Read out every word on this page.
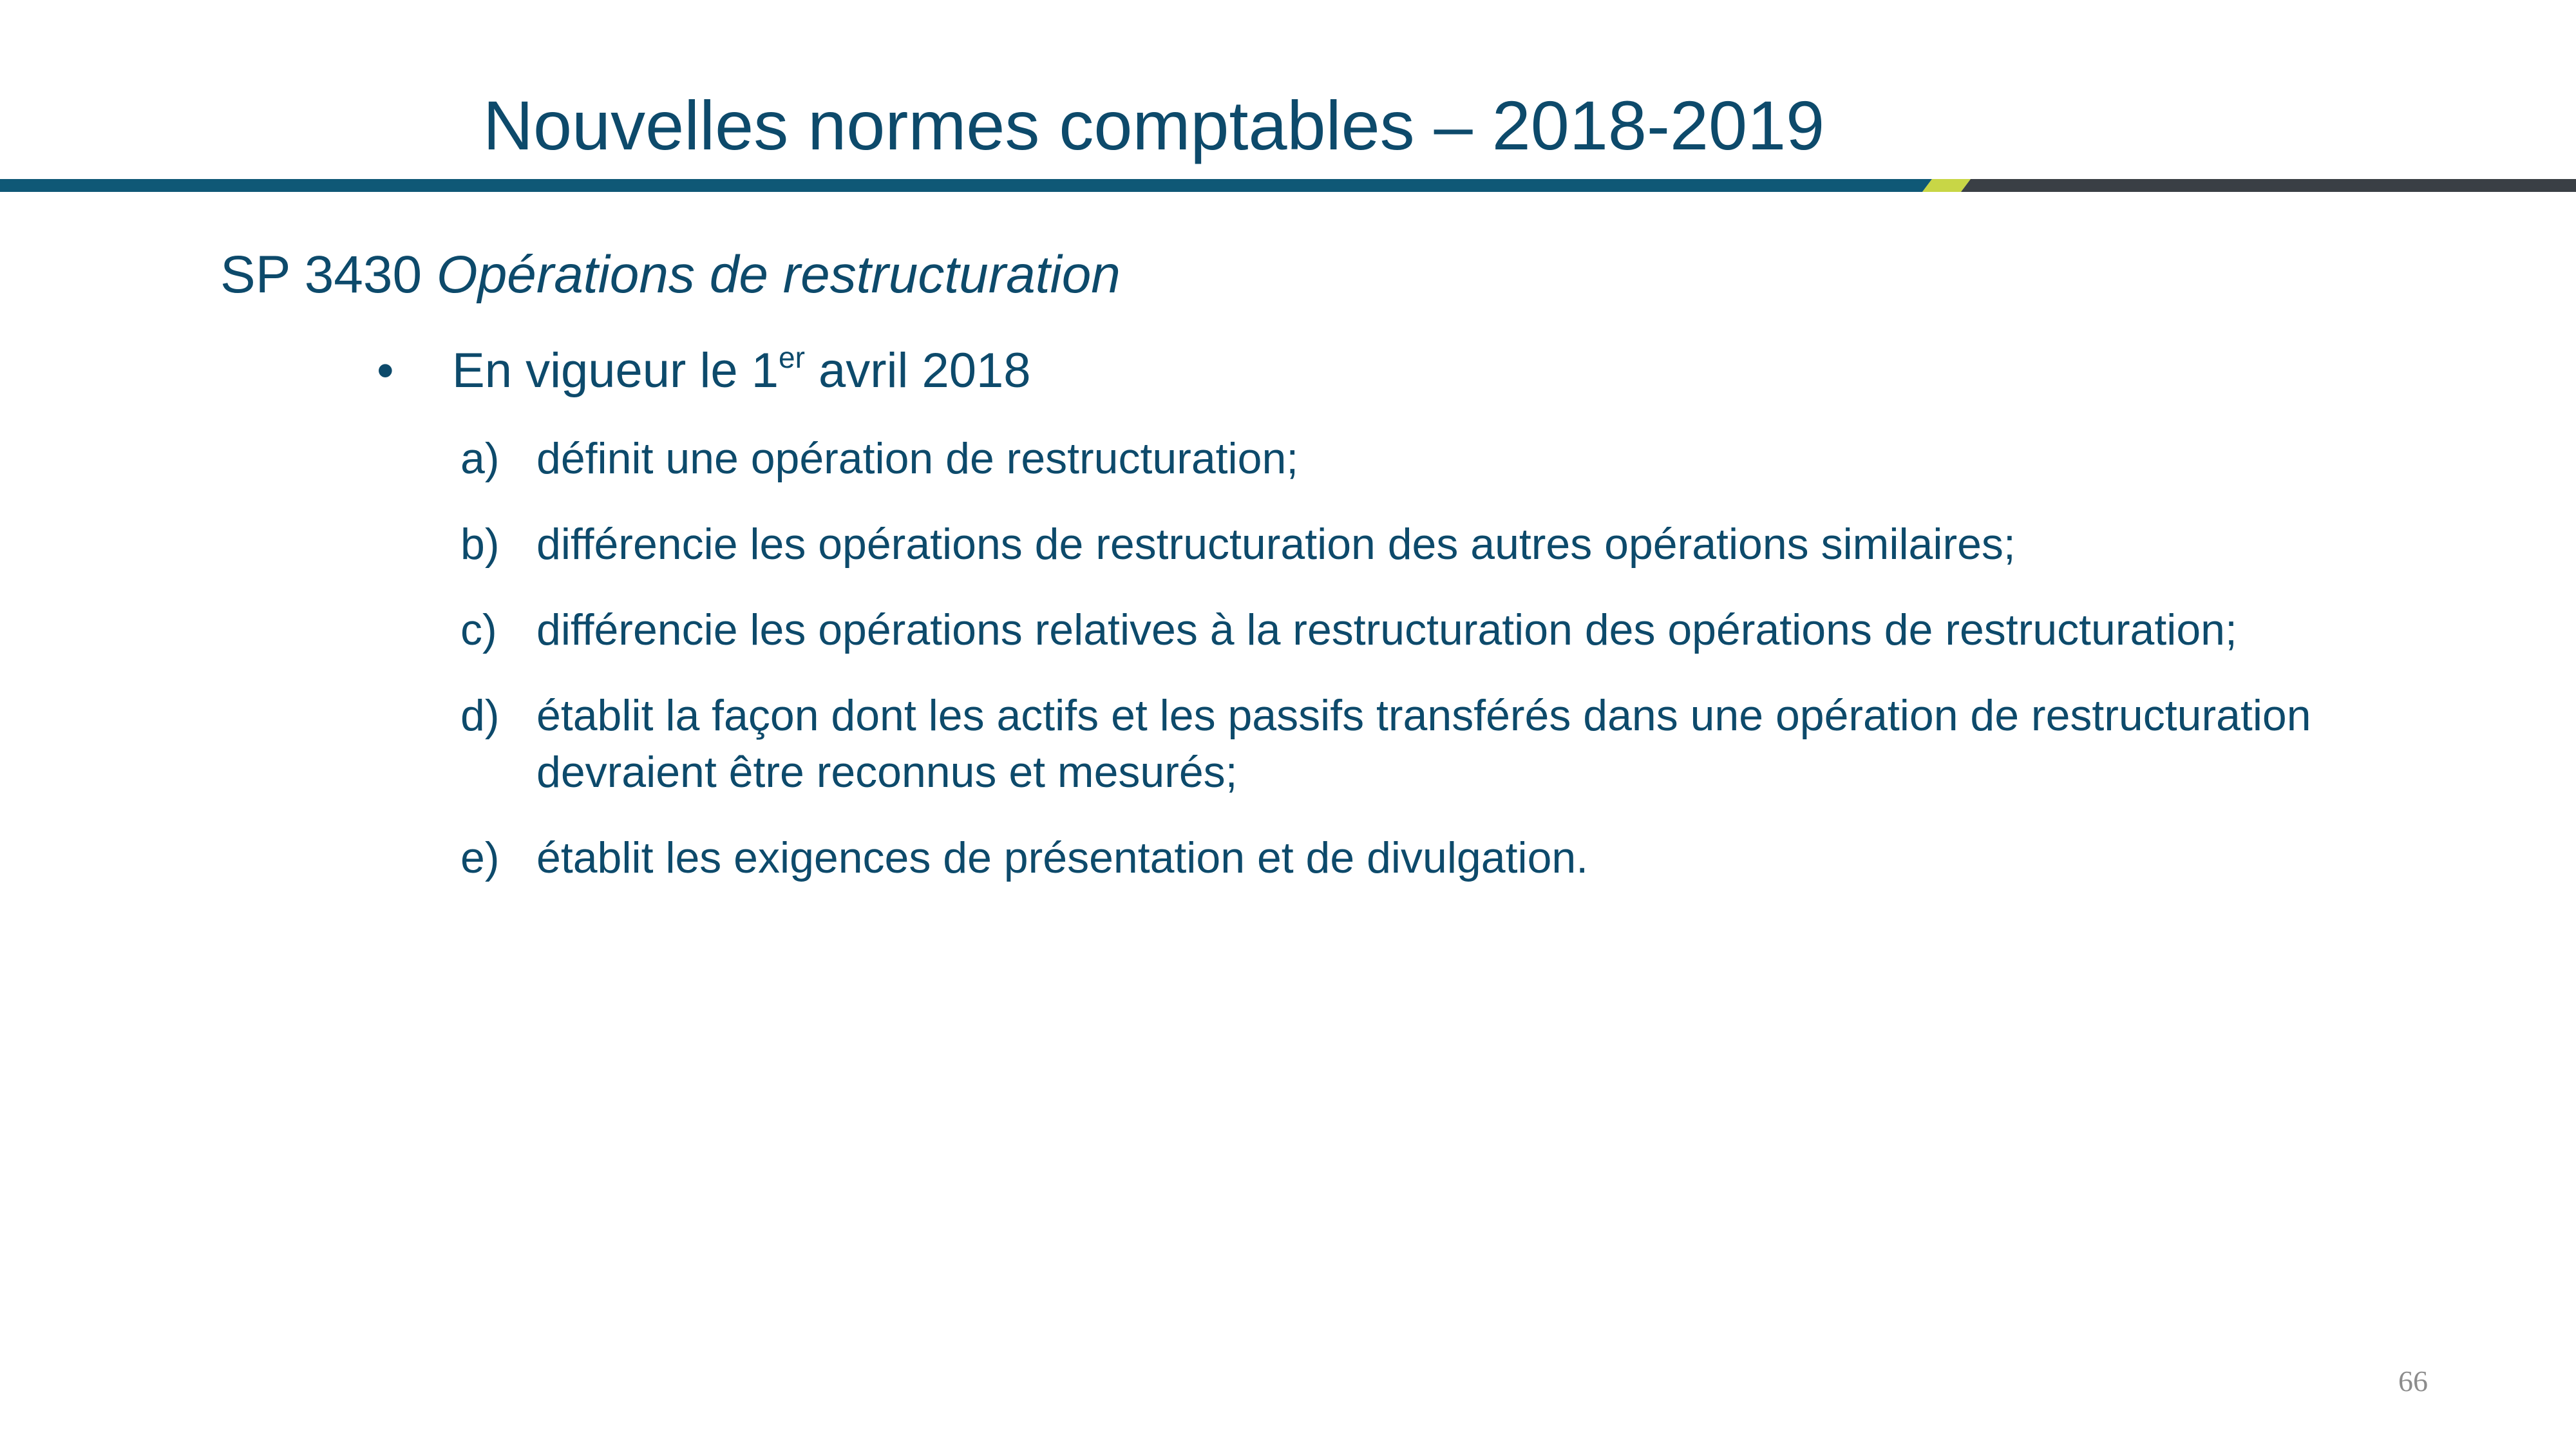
Nouvelles normes comptables – 2018-2019
SP 3430 Opérations de restructuration
• En vigueur le 1er avril 2018
a) définit une opération de restructuration;
b) différencie les opérations de restructuration des autres opérations similaires;
c) différencie les opérations relatives à la restructuration des opérations de restructuration;
d) établit la façon dont les actifs et les passifs transférés dans une opération de restructuration devraient être reconnus et mesurés;
e) établit les exigences de présentation et de divulgation.
66
